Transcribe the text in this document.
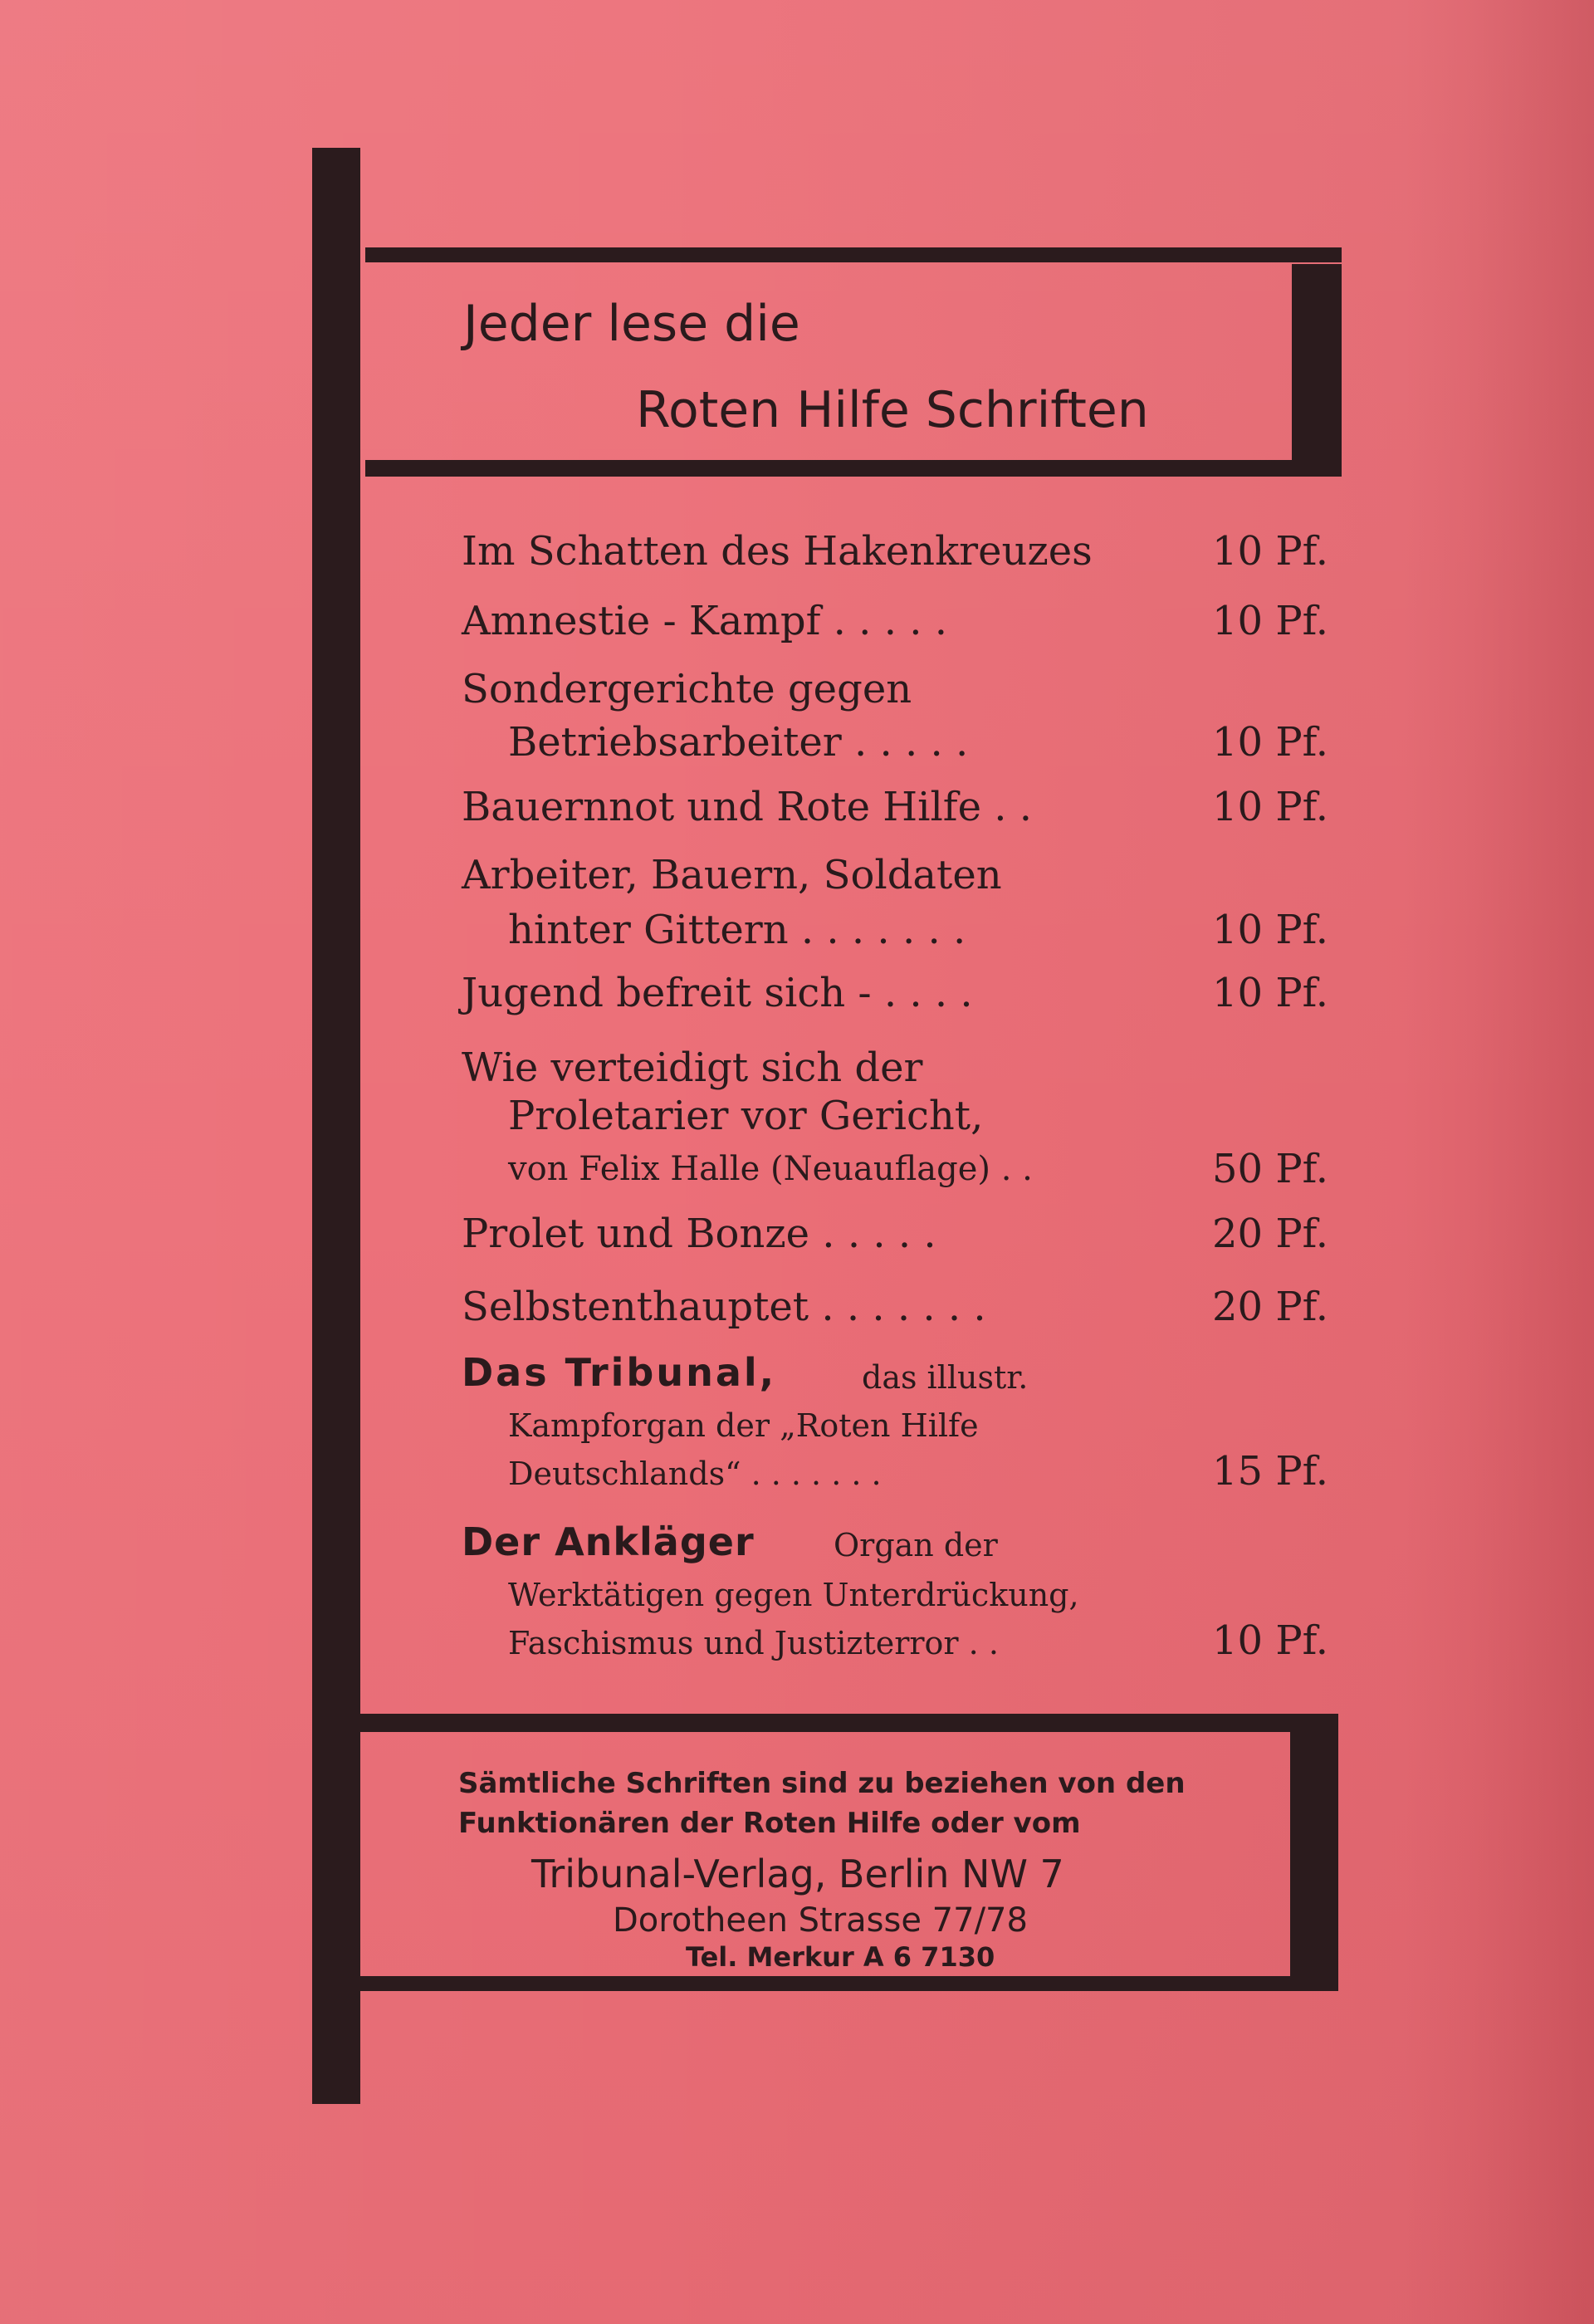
Jeder lese die
Roten Hilfe Schriften
Im Schatten des Hakenkreuzes	10 Pf.
Amnestie - Kampf . . . . .	10 Pf.
Sondergerichte gegen
Betriebsarbeiter . . . . .	10 Pf.
Bauernnot und Rote Hilfe . .	10 Pf.
Arbeiter, Bauern, Soldaten
hinter Gittern . . . . . . .	10 Pf.
Jugend befreit sich - . . . .	10 Pf.
Wie verteidigt sich der
Proletarier vor Gericht,
von Felix Halle (Neuauflage) . .	50 Pf.
Prolet und Bonze . . . . .	20 Pf.
Selbstenthauptet . . . . . . .	20 Pf.
Das Tribunal,	das illustr.
Kampforgan der „Roten Hilfe
Deutschlands“ . . . . . . .	15 Pf.
Der Ankläger	Organ der
Werktätigen gegen Unterdrückung,
Faschismus und Justizterror . .	10 Pf.
Sämtliche Schriften sind zu beziehen von den
Funktionären der Roten Hilfe oder vom
Tribunal-Verlag, Berlin NW 7
Dorotheen Strasse 77/78
Tel. Merkur A 6 7130
